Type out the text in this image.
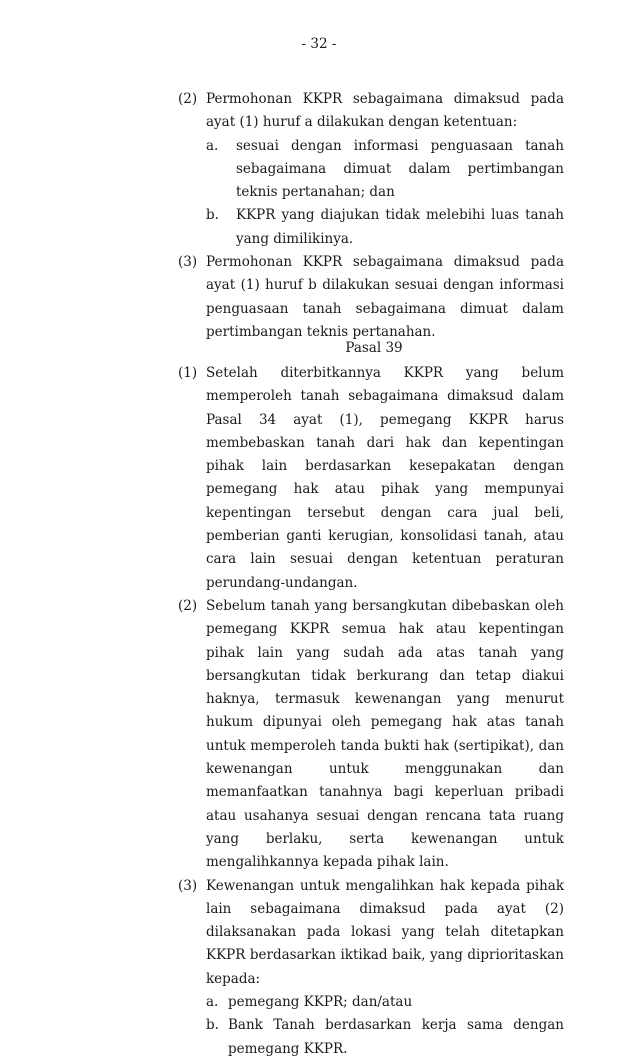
- 32 -
(2) Permohonan KKPR sebagaimana dimaksud pada ayat (1) huruf a dilakukan dengan ketentuan:
a.	sesuai dengan informasi penguasaan tanah sebagaimana dimuat dalam pertimbangan teknis pertanahan; dan
b.	KKPR yang diajukan tidak melebihi luas tanah yang dimilikinya.
(3) Permohonan KKPR sebagaimana dimaksud pada ayat (1) huruf b dilakukan sesuai dengan informasi penguasaan tanah sebagaimana dimuat dalam pertimbangan teknis pertanahan.
Pasal 39
(1) Setelah diterbitkannya KKPR yang belum memperoleh tanah sebagaimana dimaksud dalam Pasal 34 ayat (1), pemegang KKPR harus membebaskan tanah dari hak dan kepentingan pihak lain berdasarkan kesepakatan dengan pemegang hak atau pihak yang mempunyai kepentingan tersebut dengan cara jual beli, pemberian ganti kerugian, konsolidasi tanah, atau cara lain sesuai dengan ketentuan peraturan perundang-undangan.
(2) Sebelum tanah yang bersangkutan dibebaskan oleh pemegang KKPR semua hak atau kepentingan pihak lain yang sudah ada atas tanah yang bersangkutan tidak berkurang dan tetap diakui haknya, termasuk kewenangan yang menurut hukum dipunyai oleh pemegang hak atas tanah untuk memperoleh tanda bukti hak (sertipikat), dan kewenangan untuk menggunakan dan memanfaatkan tanahnya bagi keperluan pribadi atau usahanya sesuai dengan rencana tata ruang yang berlaku, serta kewenangan untuk mengalihkannya kepada pihak lain.
(3) Kewenangan untuk mengalihkan hak kepada pihak lain sebagaimana dimaksud pada ayat (2) dilaksanakan pada lokasi yang telah ditetapkan KKPR berdasarkan iktikad baik, yang diprioritaskan kepada:
a. pemegang KKPR; dan/atau
b. Bank Tanah berdasarkan kerja sama dengan pemegang KKPR.
